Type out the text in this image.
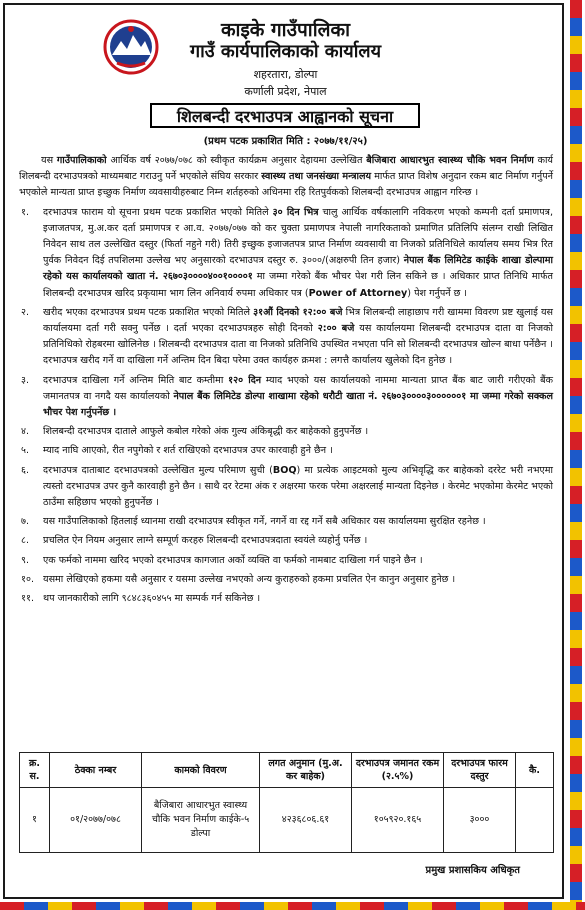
काइके गाउँपालिका
गाउँ कार्यपालिकाको कार्यालय
शहरतारा, डोल्पा
कर्णाली प्रदेश, नेपाल
शिलबन्दी दरभाउपत्र आह्वानको सूचना
(प्रथम पटक प्रकाशित मिति : २०७७/११/२५)

यस गाउँपालिकाको आर्थिक वर्ष २०७७/०७८ को स्वीकृत कार्यक्रम अनुसार देहायमा उल्लेखित बैजिबारा आधारभुत स्वास्थ्य चौकि भवन निर्माण कार्य शिलबन्दी दरभाउपत्रको माध्यमबाट गराउनु पर्ने भएकोले संघिय सरकार स्वास्थ्य तथा जनसंख्या मन्त्रालय मार्फत प्राप्त विशेष अनुदान रकम बाट निर्माण गर्नुपर्ने भएकोले मान्यता प्राप्त इच्छुक निर्माण व्यवसायीहरुबाट निम्न शर्तहरुको अधिनमा रहि रितपुर्वकको शिलबन्दी दरभाउपत्र आह्वान गरिन्छ ।

१.	दरभाउपत्र फाराम यो सूचना प्रथम पटक प्रकाशित भएको मितिले ३० दिन भित्र चालु आर्थिक वर्षकालागि नविकरण भएको कम्पनी दर्ता प्रमाणपत्र, इजाजतपत्र, मु.अ.कर दर्ता प्रमाणपत्र र आ.व. २०७७/०७७ को कर चुक्ता प्रमाणपत्र नेपाली नागरिकताको प्रमाणित प्रतिलिपि संलग्न राखी लिखित निवेदन साथ तल उल्लेखित दस्तुर (फिर्ता नहुने गरी) तिरी इच्छुक इजाजतपत्र प्राप्त निर्माण व्यवसायी वा निजको प्रतिनिधिले कार्यालय समय भित्र रित पुर्वक निवेदन दिई तपशिलमा उल्लेख भए अनुसारको दरभाउपत्र दस्तुर रु. ३०००/(अक्षरुपी तिन हजार) नेपाल बैंक लिमिटेड काईके शाखा डोल्पामा रहेको यस कार्यालयको खाता नं. २६७०३००००४००१००००१ मा जम्मा गरेको बैंक भौचर पेश गरी लिन सकिने छ । अधिकार प्राप्त तिनिधि मार्फत शिलबन्दी दरभाउपत्र खरिद प्रकृयामा भाग लिन अनिवार्य रुपमा अधिकार पत्र (Power of Attorney) पेश गर्नुपर्ने छ ।
२.	खरीद भएका दरभाउपत्र प्रथम पटक प्रकाशित भएको मितिले ३१औं दिनको १२:०० बजे भित्र शिलबन्दी लाहाछाप गरी खाममा विवरण प्रष्ट खुलाई यस कार्यालयमा दर्ता गरी सक्नु पर्नेछ । दर्ता भएका दरभाउपत्रहरु सोही दिनको २:०० बजे यस कार्यालयमा शिलबन्दी दरभाउपत्र दाता वा निजको प्रतिनिधिको रोहबरमा खोलिनेछ । शिलबन्दी दरभाउपत्र दाता वा निजको प्रतिनिधि उपस्थित नभएता पनि सो शिलबन्दी दरभाउपत्र खोल्न बाधा पर्नेछैन । दरभाउपत्र खरीद गर्ने वा दाखिला गर्ने अन्तिम दिन बिदा परेमा उक्त कार्यहरु क्रमश : लगत्तै कार्यालय खुलेको दिन हुनेछ ।
३.	दरभाउपत्र दाखिला गर्ने अन्तिम मिति बाट कम्तीमा १२० दिन म्याद भएको यस कार्यालयको नाममा मान्यता प्राप्त बैंक बाट जारी गरीएको बैंक जमानतपत्र वा नगदै यस कार्यालयको नेपाल बैंक लिमिटेड डोल्पा शाखामा रहेको धरौटी खाता नं. २६७०३००००३००००००१ मा जम्मा गरेको सक्कल भौचर पेश गर्नुपर्नेछ ।
४.	शिलबन्दी दरभाउपत्र दाताले आफुले कबोल गरेको अंक गुल्य अंकिबृद्धी कर बाहेकको हुनुपर्नेछ ।
५.	म्याद नाघि आएको, रीत नपुगेको र शर्त राखिएको दरभाउपत्र उपर कारवाही हुने छैन ।
६.	दरभाउपत्र दाताबाट दरभाउपत्रको उल्लेखित मुल्य परिमाण सुची (BOQ) मा प्रत्येक आइटमको मुल्य अभिवृद्धि कर बाहेकको दररेट भरी नभएमा त्यस्तो दरभाउपत्र उपर कुनै कारवाही हुने छैन । साथै दर रेटमा अंक र अक्षरमा फरक परेमा अक्षरलाई मान्यता दिइनेछ । केरमेट भएकोमा केरमेट भएको ठाउँमा सहिछाप भएको हुनुपर्नेछ ।
७.	यस गाउँपालिकाको हितलाई ध्यानमा राखी दरभाउपत्र स्वीकृत गर्ने, नगर्ने वा रद्द गर्ने सबै अधिकार यस कार्यालयमा सुरक्षित रहनेछ ।
८.	प्रचलित ऐन नियम अनुसार लाग्ने सम्पूर्ण करहरु शिलबन्दी दरभाउपत्रदाता स्वयंले व्यहोर्नु पर्नेछ ।
९.	एक फर्मको नाममा खरिद भएको दरभाउपत्र कागजात अर्को व्यक्ति वा फर्मको नामबाट दाखिला गर्न पाइने छैन ।
१०. यसमा लेखिएको हकमा यसै अनुसार र यसमा उल्लेख नभएको अन्य कुराहरुको हकमा प्रचलित ऐन कानुन अनुसार हुनेछ ।
११. थप जानकारीको लागि ९८४८३६०४५५ मा सम्पर्क गर्न सकिनेछ ।
क्र. स.	ठेक्का नम्बर	कामको विवरण	लगत अनुमान (मु.अ. कर बाहेक)	दरभाउपत्र जमानत रकम (२.५%)	दरभाउपत्र फारम दस्तुर	कै.
१	०१/२०७७/०७८	बैजिबारा आधारभुत स्वास्थ्य चौकि भवन निर्माण काईके-५ डोल्पा	४२३६८०६.६१	१०५९२०.१६५	३०००	
प्रमुख प्रशासकिय अधिकृत
